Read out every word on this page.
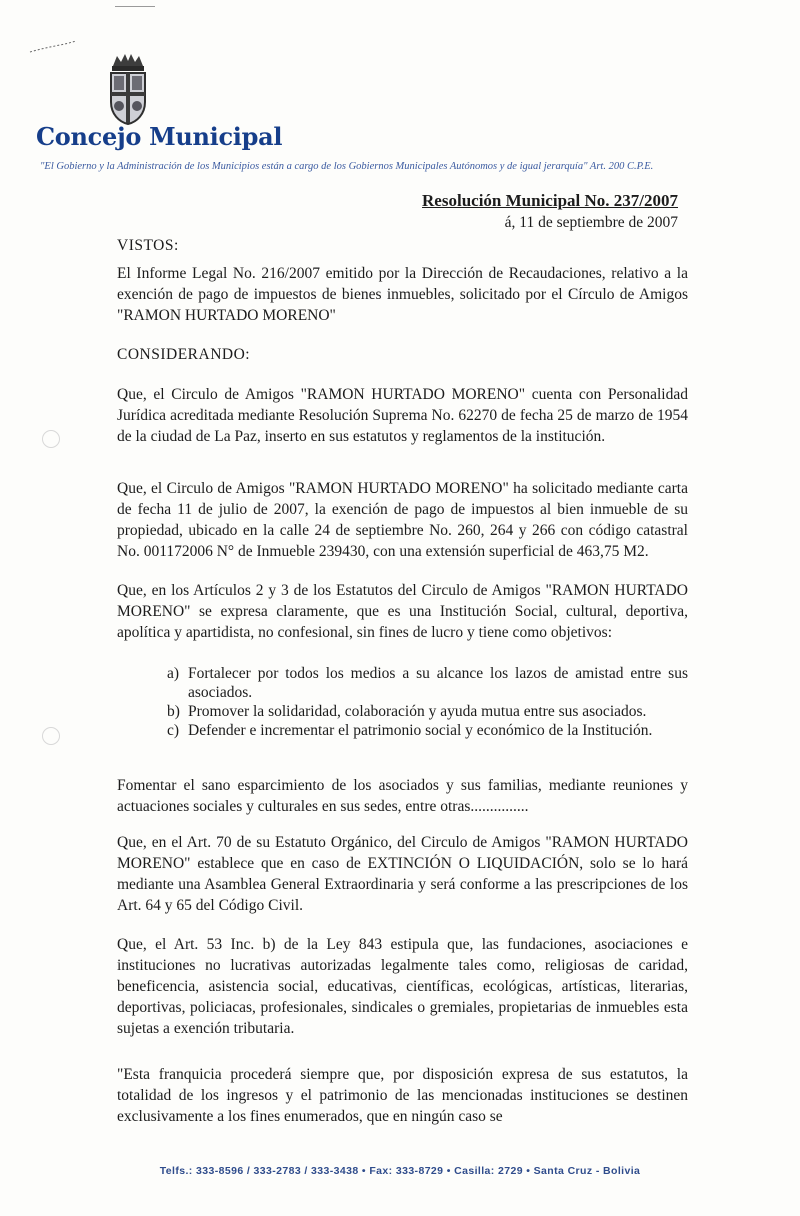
Concejo Municipal
"El Gobierno y la Administración de los Municipios están a cargo de los Gobiernos Municipales Autónomos y de igual jerarquía" Art. 200 C.P.E.
Resolución Municipal No. 237/2007
á, 11 de septiembre de 2007
VISTOS:

El Informe Legal No. 216/2007 emitido por la Dirección de Recaudaciones, relativo a la exención de pago de impuestos de bienes inmuebles, solicitado por el Círculo de Amigos "RAMON HURTADO MORENO"

CONSIDERANDO:

Que, el Circulo de Amigos "RAMON HURTADO MORENO" cuenta con Personalidad Jurídica acreditada mediante Resolución Suprema No. 62270 de fecha 25 de marzo de 1954 de la ciudad de La Paz, inserto en sus estatutos y reglamentos de la institución.

Que, el Circulo de Amigos "RAMON HURTADO MORENO" ha solicitado mediante carta de fecha 11 de julio de 2007, la exención de pago de impuestos al bien inmueble de su propiedad, ubicado en la calle 24 de septiembre No. 260, 264 y 266 con código catastral No. 001172006 N° de Inmueble 239430, con una extensión superficial de 463,75 M2.

Que, en los Artículos 2 y 3 de los Estatutos del Circulo de Amigos "RAMON HURTADO MORENO" se expresa claramente, que es una Institución Social, cultural, deportiva, apolítica y apartidista, no confesional, sin fines de lucro y tiene como objetivos:

a) Fortalecer por todos los medios a su alcance los lazos de amistad entre sus asociados.
b) Promover la solidaridad, colaboración y ayuda mutua entre sus asociados.
c) Defender e incrementar el patrimonio social y económico de la Institución.

Fomentar el sano esparcimiento de los asociados y sus familias, mediante reuniones y actuaciones sociales y culturales en sus sedes, entre otras...............

Que, en el Art. 70 de su Estatuto Orgánico, del Circulo de Amigos "RAMON HURTADO MORENO" establece que en caso de EXTINCIÓN O LIQUIDACIÓN, solo se lo hará mediante una Asamblea General Extraordinaria y será conforme a las prescripciones de los Art. 64 y 65 del Código Civil.

Que, el Art. 53 Inc. b) de la Ley 843 estipula que, las fundaciones, asociaciones e instituciones no lucrativas autorizadas legalmente tales como, religiosas de caridad, beneficencia, asistencia social, educativas, científicas, ecológicas, artísticas, literarias, deportivas, policiacas, profesionales, sindicales o gremiales, propietarias de inmuebles esta sujetas a exención tributaria.

"Esta franquicia procederá siempre que, por disposición expresa de sus estatutos, la totalidad de los ingresos y el patrimonio de las mencionadas instituciones se destinen exclusivamente a los fines enumerados, que en ningún caso se

Telfs.: 333-8596 / 333-2783 / 333-3438 • Fax: 333-8729 • Casilla: 2729 • Santa Cruz - Bolivia
